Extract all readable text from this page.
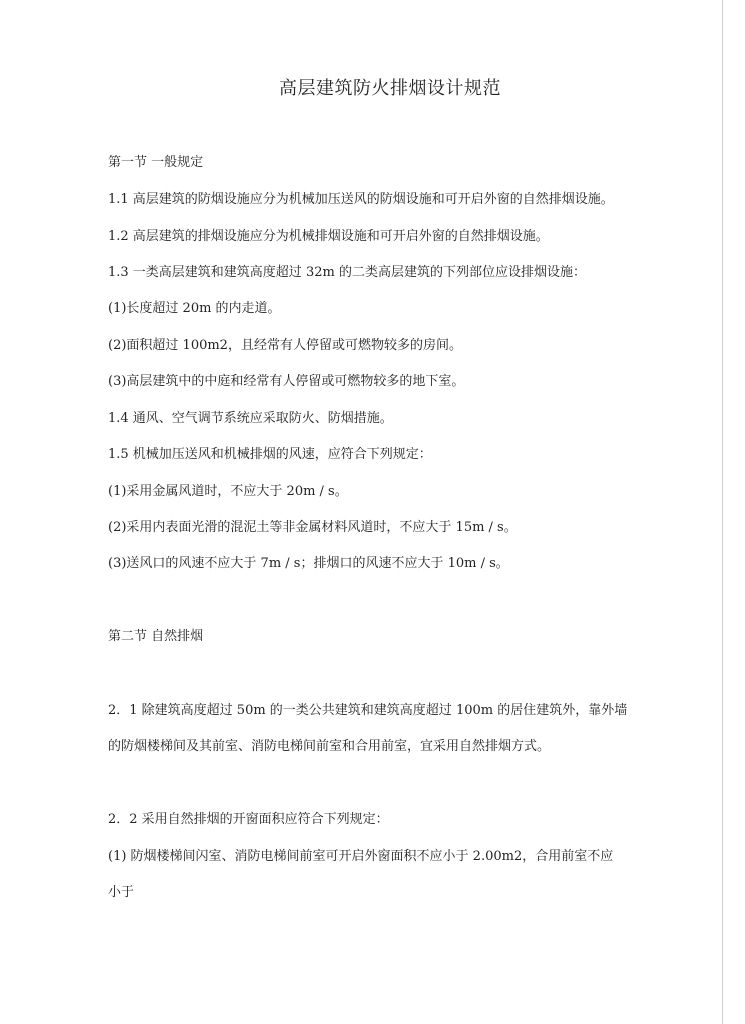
高层建筑防火排烟设计规范
第一节 一般规定
1.1 高层建筑的防烟设施应分为机械加压送风的防烟设施和可开启外窗的自然排烟设施。
1.2 高层建筑的排烟设施应分为机械排烟设施和可开启外窗的自然排烟设施。
1.3 一类高层建筑和建筑高度超过 32m 的二类高层建筑的下列部位应设排烟设施：
(1)长度超过 20m 的内走道。
(2)面积超过 100m2，且经常有人停留或可燃物较多的房间。
(3)高层建筑中的中庭和经常有人停留或可燃物较多的地下室。
1.4 通风、空气调节系统应采取防火、防烟措施。
1.5 机械加压送风和机械排烟的风速，应符合下列规定：
(1)采用金属风道时，不应大于 20m / s。
(2)采用内表面光滑的混泥土等非金属材料风道时，不应大于 15m / s。
(3)送风口的风速不应大于 7m / s；排烟口的风速不应大于 10m / s。
第二节 自然排烟
2．1 除建筑高度超过 50m 的一类公共建筑和建筑高度超过 100m 的居住建筑外，靠外墙
的防烟楼梯间及其前室、消防电梯间前室和合用前室，宜采用自然排烟方式。
2．2 采用自然排烟的开窗面积应符合下列规定：
(1) 防烟楼梯间闪室、消防电梯间前室可开启外窗面积不应小于 2.00m2，合用前室不应
小于
